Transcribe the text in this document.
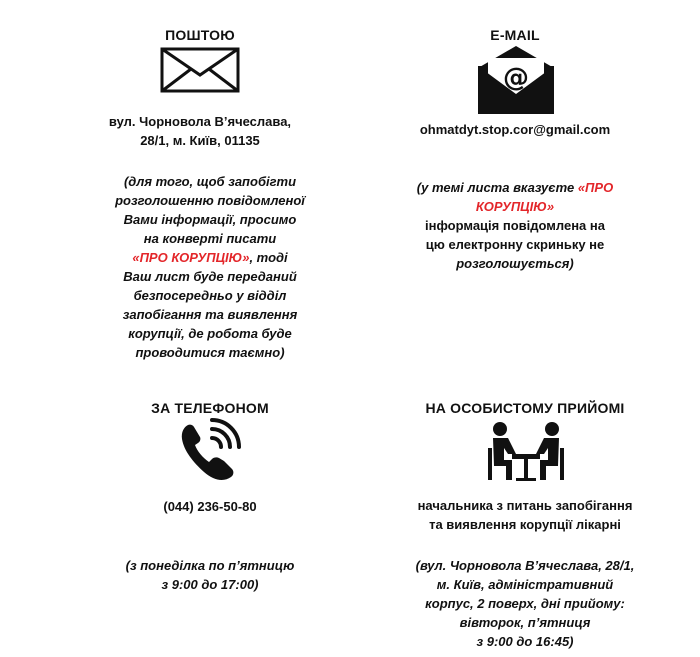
ПОШТОЮ
вул. Чорновола В’ячеслава,
28/1, м. Київ, 01135
(для того, щоб запобігти
розголошенню повідомленої
Вами інформації, просимо
на конверті писати
«ПРО КОРУПЦІЮ», тоді
Ваш лист буде переданий
безпосередньо у відділ
запобігання та виявлення
корупції, де робота буде
проводитися таємно)
E-MAIL
@
ohmatdyt.stop.cor@gmail.com
(у темі листа вказуєте «ПРО
КОРУПЦІЮ»
інформація повідомлена на
цю електронну скриньку не
розголошується)
ЗА ТЕЛЕФОНОМ
(044) 236-50-80
(з понеділка по п’ятницю
з 9:00 до 17:00)
НА ОСОБИСТОМУ ПРИЙОМІ
начальника з питань запобігання
та виявлення корупції лікарні
(вул. Чорновола В’ячеслава, 28/1,
м. Київ, адміністративний
корпус, 2 поверх, дні прийому:
вівторок, п’ятниця
з 9:00 до 16:45)
